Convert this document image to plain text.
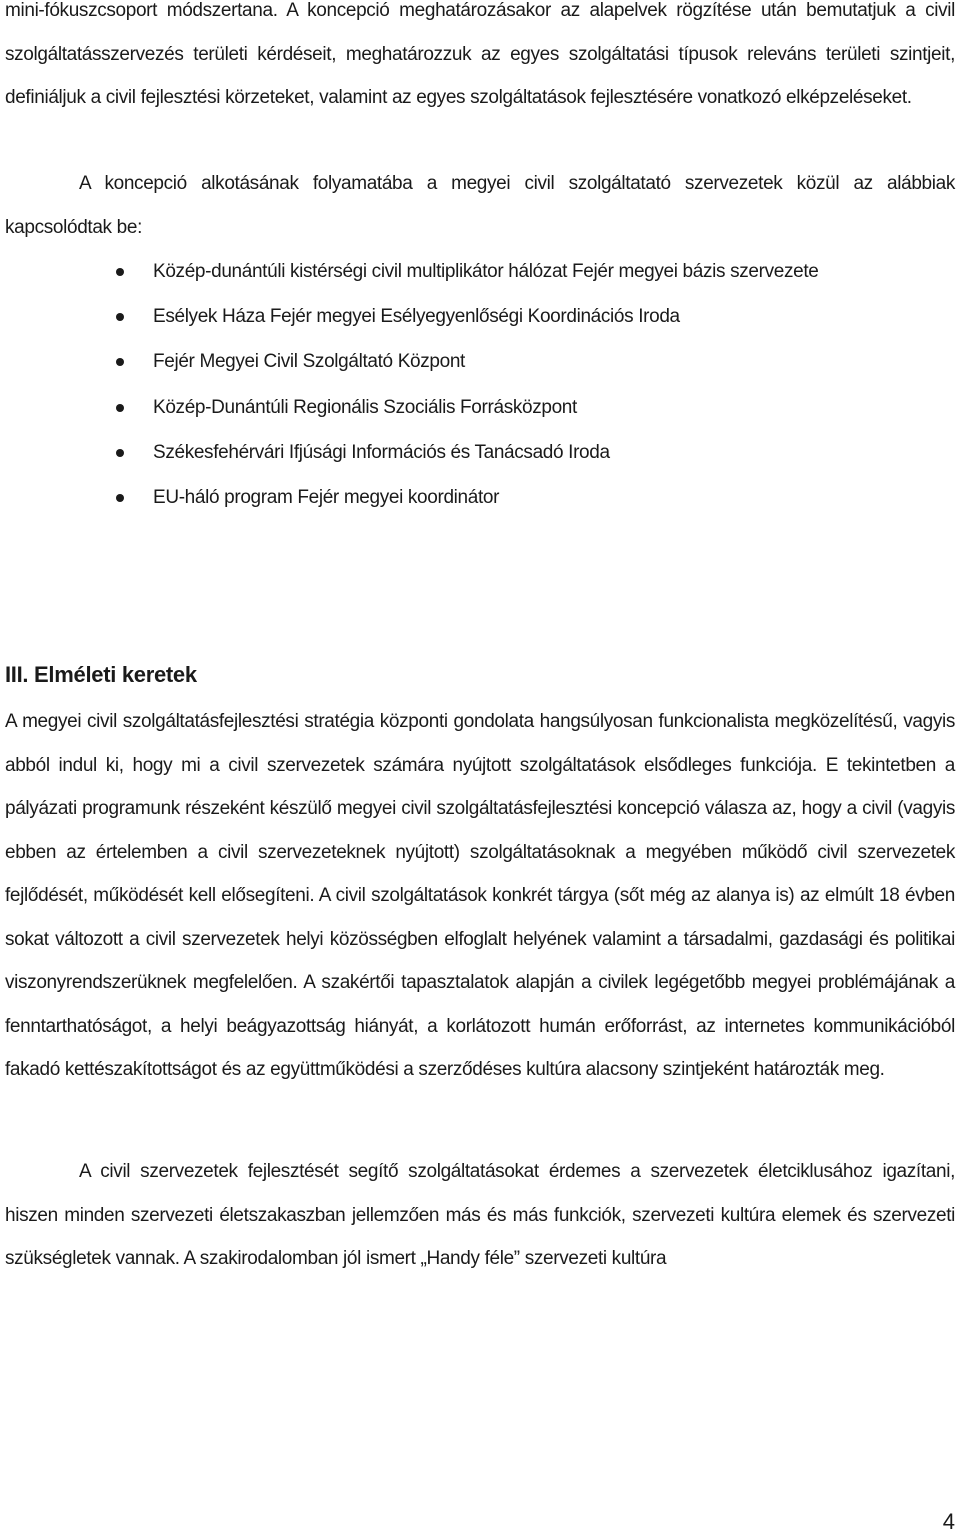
mini-fókuszcsoport módszertana. A koncepció meghatározásakor az alapelvek rögzítése után bemutatjuk a civil szolgáltatásszervezés területi kérdéseit, meghatározzuk az egyes szolgáltatási típusok releváns területi szintjeit, definiáljuk a civil fejlesztési körzeteket, valamint az egyes szolgáltatások fejlesztésére vonatkozó elképzeléseket.

A koncepció alkotásának folyamatába a megyei civil szolgáltatató szervezetek közül az alábbiak kapcsolódtak be:

Közép-dunántúli kistérségi civil multiplikátor hálózat Fejér megyei bázis szervezete
Esélyek Háza Fejér megyei Esélyegyenlőségi Koordinációs Iroda
Fejér Megyei Civil Szolgáltató Központ
Közép-Dunántúli Regionális Szociális Forrásközpont
Székesfehérvári Ifjúsági Információs és Tanácsadó Iroda
EU-háló program Fejér megyei koordinátor
III. Elméleti keretek

A megyei civil szolgáltatásfejlesztési stratégia központi gondolata hangsúlyosan funkcionalista megközelítésű, vagyis abból indul ki, hogy mi a civil szervezetek számára nyújtott szolgáltatások elsődleges funkciója. E tekintetben a pályázati programunk részeként készülő megyei civil szolgáltatásfejlesztési koncepció válasza az, hogy a civil (vagyis ebben az értelemben a civil szervezeteknek nyújtott) szolgáltatásoknak a megyében működő civil szervezetek fejlődését, működését kell elősegíteni. A civil szolgáltatások konkrét tárgya (sőt még az alanya is) az elmúlt 18 évben sokat változott a civil szervezetek helyi közösségben elfoglalt helyének valamint a társadalmi, gazdasági és politikai viszonyrendszerüknek megfelelően. A szakértői tapasztalatok alapján a civilek legégetőbb megyei problémájának a fenntarthatóságot, a helyi beágyazottság hiányát, a korlátozott humán erőforrást, az internetes kommunikációból fakadó kettészakítottságot és az együttműködési a szerződéses kultúra alacsony szintjeként határozták meg.

A civil szervezetek fejlesztését segítő szolgáltatásokat érdemes a szervezetek életciklusához igazítani, hiszen minden szervezeti életszakaszban jellemzően más és más funkciók, szervezeti kultúra elemek és szervezeti szükségletek vannak. A szakirodalomban jól ismert „Handy féle” szervezeti kultúra

4
